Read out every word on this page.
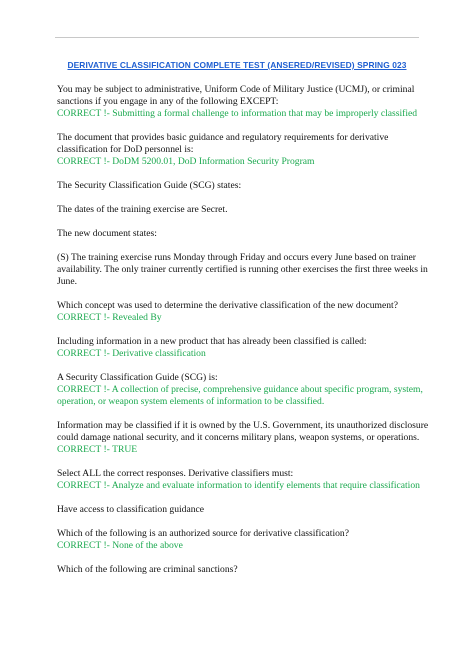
DERIVATIVE CLASSIFICATION COMPLETE TEST (ANSERED/REVISED) SPRING 023

You may be subject to administrative, Uniform Code of Military Justice (UCMJ), or criminal sanctions if you engage in any of the following EXCEPT:
CORRECT !- Submitting a formal challenge to information that may be improperly classified

The document that provides basic guidance and regulatory requirements for derivative classification for DoD personnel is:
CORRECT !- DoDM 5200.01, DoD Information Security Program

The Security Classification Guide (SCG) states:

The dates of the training exercise are Secret.

The new document states:

(S) The training exercise runs Monday through Friday and occurs every June based on trainer availability. The only trainer currently certified is running other exercises the first three weeks in June.

Which concept was used to determine the derivative classification of the new document?
CORRECT !- Revealed By

Including information in a new product that has already been classified is called:
CORRECT !- Derivative classification

A Security Classification Guide (SCG) is:
CORRECT !- A collection of precise, comprehensive guidance about specific program, system, operation, or weapon system elements of information to be classified.

Information may be classified if it is owned by the U.S. Government, its unauthorized disclosure could damage national security, and it concerns military plans, weapon systems, or operations.
CORRECT !- TRUE

Select ALL the correct responses. Derivative classifiers must:
CORRECT !- Analyze and evaluate information to identify elements that require classification

Have access to classification guidance

Which of the following is an authorized source for derivative classification?
CORRECT !- None of the above

Which of the following are criminal sanctions?
